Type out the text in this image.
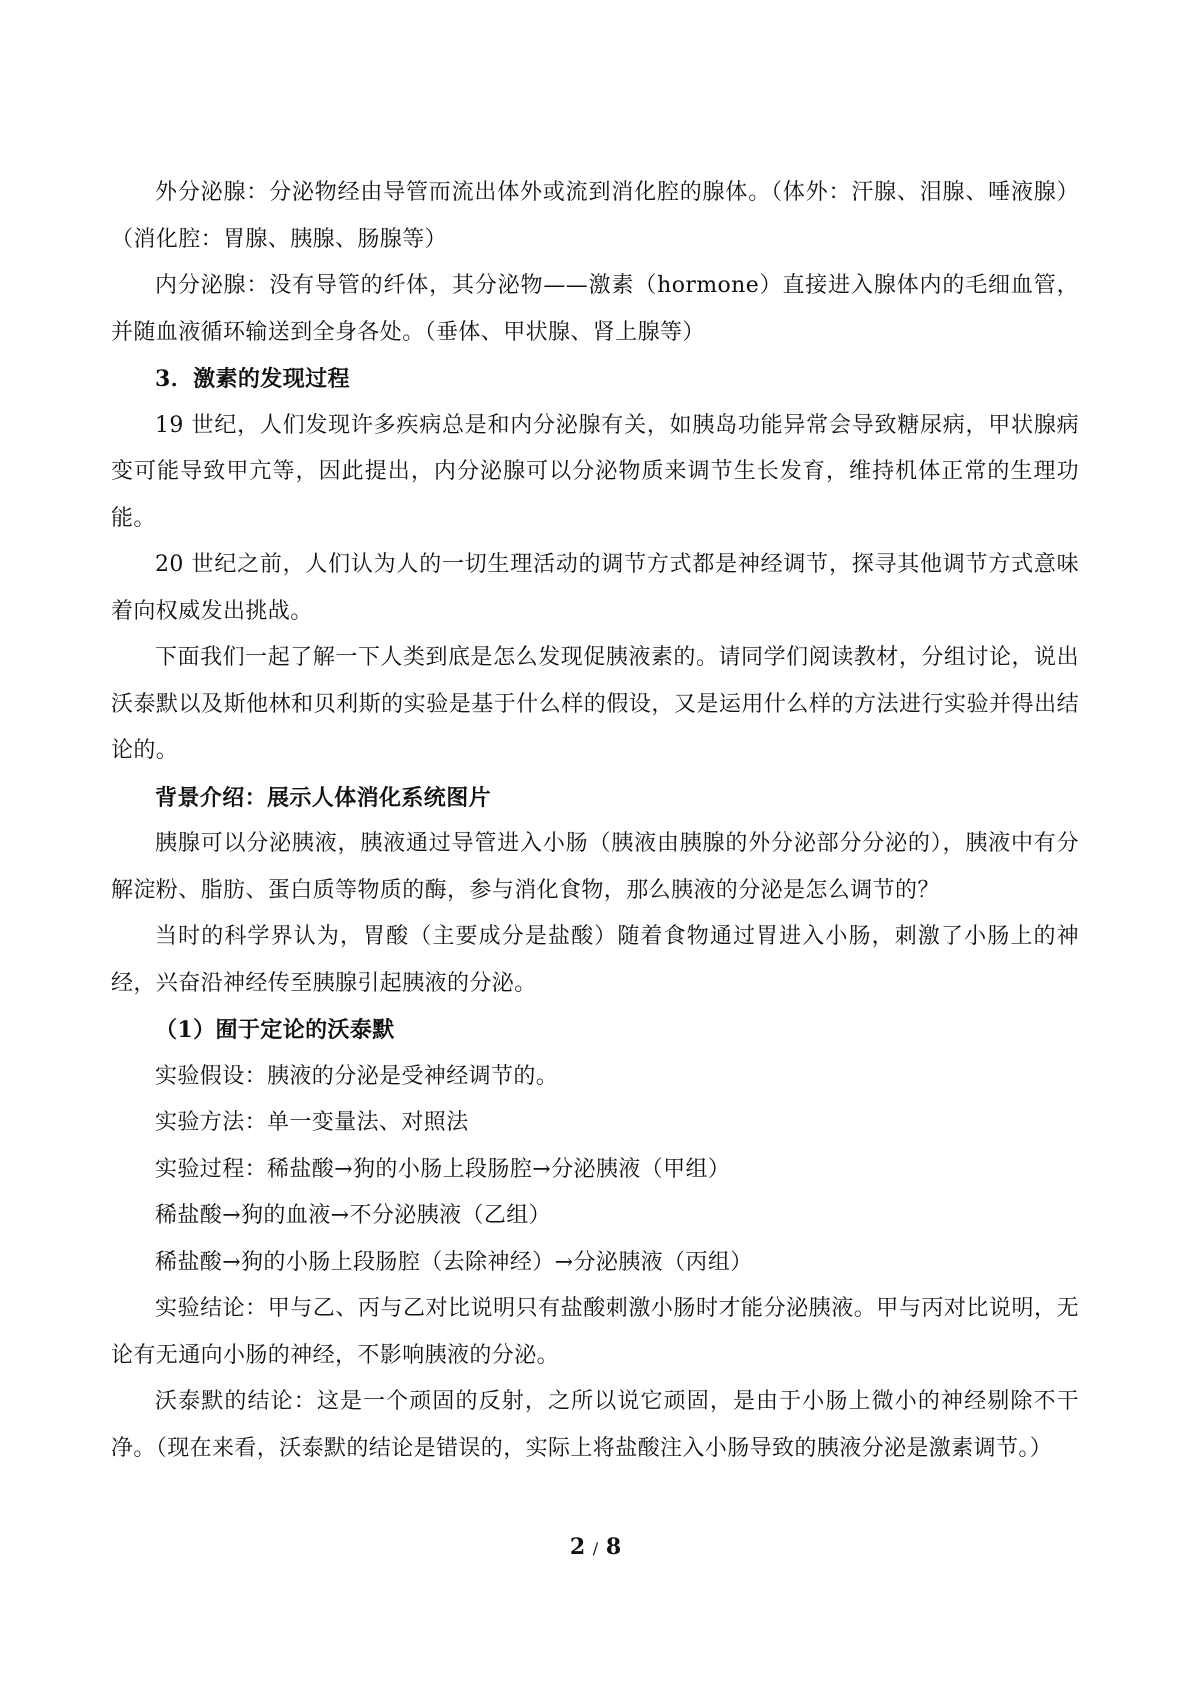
外分泌腺：分泌物经由导管而流出体外或流到消化腔的腺体。（体外：汗腺、泪腺、唾液腺）（消化腔：胃腺、胰腺、肠腺等）

内分泌腺：没有导管的纤体，其分泌物——激素（hormone）直接进入腺体内的毛细血管，并随血液循环输送到全身各处。（垂体、甲状腺、肾上腺等）

3．激素的发现过程

19 世纪，人们发现许多疾病总是和内分泌腺有关，如胰岛功能异常会导致糖尿病，甲状腺病变可能导致甲亢等，因此提出，内分泌腺可以分泌物质来调节生长发育，维持机体正常的生理功能。

20 世纪之前，人们认为人的一切生理活动的调节方式都是神经调节，探寻其他调节方式意味着向权威发出挑战。

下面我们一起了解一下人类到底是怎么发现促胰液素的。请同学们阅读教材，分组讨论，说出沃泰默以及斯他林和贝利斯的实验是基于什么样的假设，又是运用什么样的方法进行实验并得出结论的。

背景介绍：展示人体消化系统图片

胰腺可以分泌胰液，胰液通过导管进入小肠（胰液由胰腺的外分泌部分分泌的），胰液中有分解淀粉、脂肪、蛋白质等物质的酶，参与消化食物，那么胰液的分泌是怎么调节的？

当时的科学界认为，胃酸（主要成分是盐酸）随着食物通过胃进入小肠，刺激了小肠上的神经，兴奋沿神经传至胰腺引起胰液的分泌。

（1）囿于定论的沃泰默

实验假设：胰液的分泌是受神经调节的。

实验方法：单一变量法、对照法

实验过程：稀盐酸→狗的小肠上段肠腔→分泌胰液（甲组）

稀盐酸→狗的血液→不分泌胰液（乙组）

稀盐酸→狗的小肠上段肠腔（去除神经）→分泌胰液（丙组）

实验结论：甲与乙、丙与乙对比说明只有盐酸刺激小肠时才能分泌胰液。甲与丙对比说明，无论有无通向小肠的神经，不影响胰液的分泌。

沃泰默的结论：这是一个顽固的反射，之所以说它顽固，是由于小肠上微小的神经剔除不干净。（现在来看，沃泰默的结论是错误的，实际上将盐酸注入小肠导致的胰液分泌是激素调节。）

2 / 8
